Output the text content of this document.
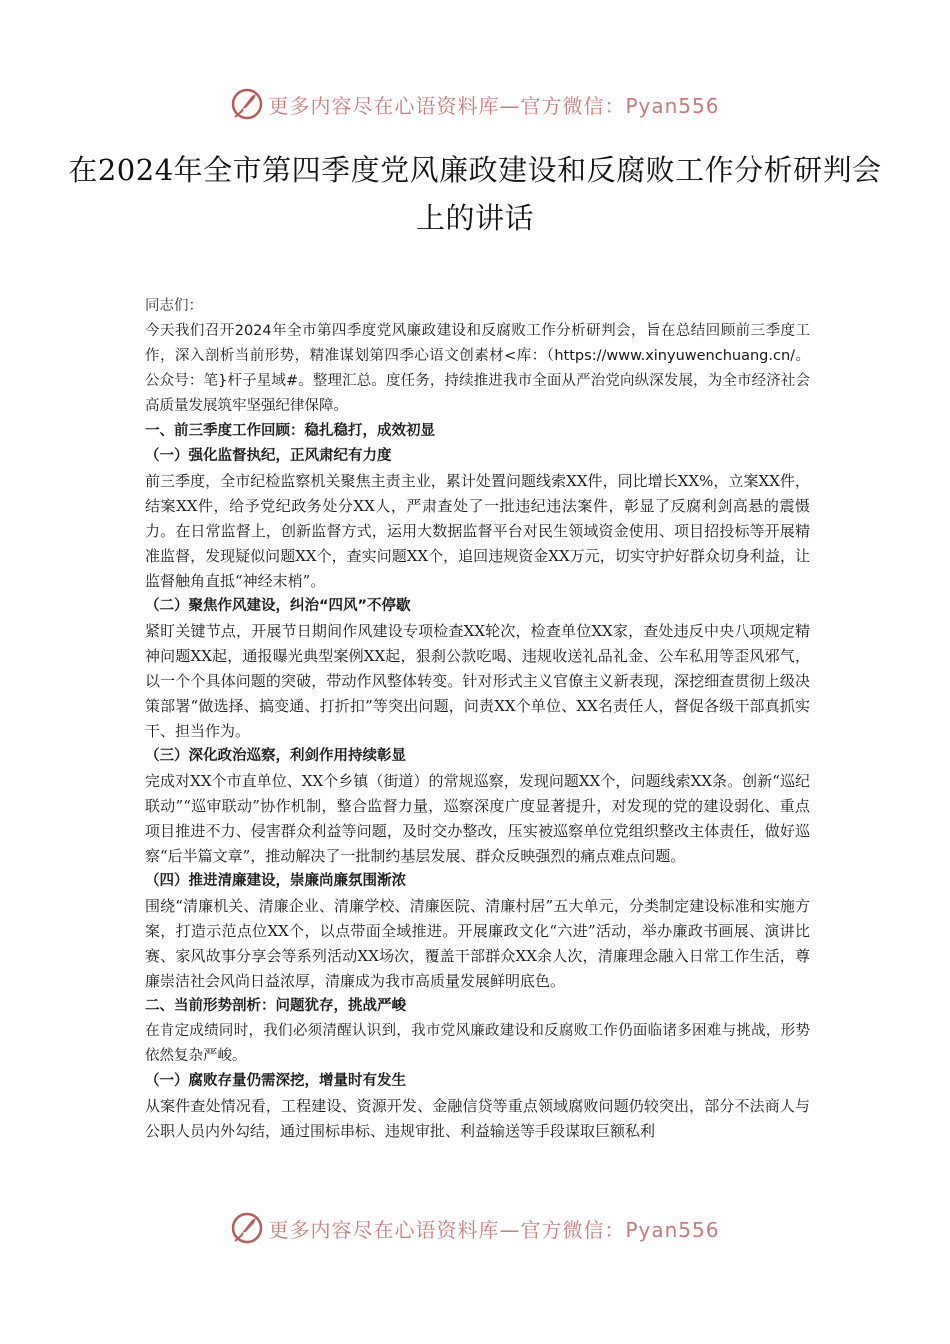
更多内容尽在心语资料库—官方微信：Pyan556
在2024年全市第四季度党风廉政建设和反腐败工作分析研判会上的讲话

同志们：

今天我们召开2024年全市第四季度党风廉政建设和反腐败工作分析研判会，旨在总结回顾前三季度工作，深入剖析当前形势，精准谋划第四季心语文创素材<库：（https://www.xinyuwenchuang.cn/。公众号：笔}杆子星域#。整理汇总。度任务，持续推进我市全面从严治党向纵深发展，为全市经济社会高质量发展筑牢坚强纪律保障。

一、前三季度工作回顾：稳扎稳打，成效初显

（一）强化监督执纪，正风肃纪有力度

前三季度，全市纪检监察机关聚焦主责主业，累计处置问题线索XX件，同比增长XX%，立案XX件，结案XX件，给予党纪政务处分XX人，严肃查处了一批违纪违法案件，彰显了反腐利剑高悬的震慑力。在日常监督上，创新监督方式，运用大数据监督平台对民生领域资金使用、项目招投标等开展精准监督，发现疑似问题XX个，查实问题XX个，追回违规资金XX万元，切实守护好群众切身利益，让监督触角直抵“神经末梢”。

（二）聚焦作风建设，纠治“四风”不停歇

紧盯关键节点，开展节日期间作风建设专项检查XX轮次，检查单位XX家，查处违反中央八项规定精神问题XX起，通报曝光典型案例XX起，狠刹公款吃喝、违规收送礼品礼金、公车私用等歪风邪气，以一个个具体问题的突破，带动作风整体转变。针对形式主义官僚主义新表现，深挖细查贯彻上级决策部署“做选择、搞变通、打折扣”等突出问题，问责XX个单位、XX名责任人，督促各级干部真抓实干、担当作为。

（三）深化政治巡察，利剑作用持续彰显

完成对XX个市直单位、XX个乡镇（街道）的常规巡察，发现问题XX个，问题线索XX条。创新“巡纪联动”“巡审联动”协作机制，整合监督力量，巡察深度广度显著提升，对发现的党的建设弱化、重点项目推进不力、侵害群众利益等问题，及时交办整改，压实被巡察单位党组织整改主体责任，做好巡察“后半篇文章”，推动解决了一批制约基层发展、群众反映强烈的痛点难点问题。

（四）推进清廉建设，崇廉尚廉氛围渐浓

围绕“清廉机关、清廉企业、清廉学校、清廉医院、清廉村居”五大单元，分类制定建设标准和实施方案，打造示范点位XX个，以点带面全域推进。开展廉政文化“六进”活动，举办廉政书画展、演讲比赛、家风故事分享会等系列活动XX场次，覆盖干部群众XX余人次，清廉理念融入日常工作生活，尊廉崇洁社会风尚日益浓厚，清廉成为我市高质量发展鲜明底色。

二、当前形势剖析：问题犹存，挑战严峻

在肯定成绩同时，我们必须清醒认识到，我市党风廉政建设和反腐败工作仍面临诸多困难与挑战，形势依然复杂严峻。

（一）腐败存量仍需深挖，增量时有发生

从案件查处情况看，工程建设、资源开发、金融信贷等重点领域腐败问题仍较突出，部分不法商人与公职人员内外勾结，通过围标串标、违规审批、利益输送等手段谋取巨额私利

更多内容尽在心语资料库—官方微信：Pyan556
